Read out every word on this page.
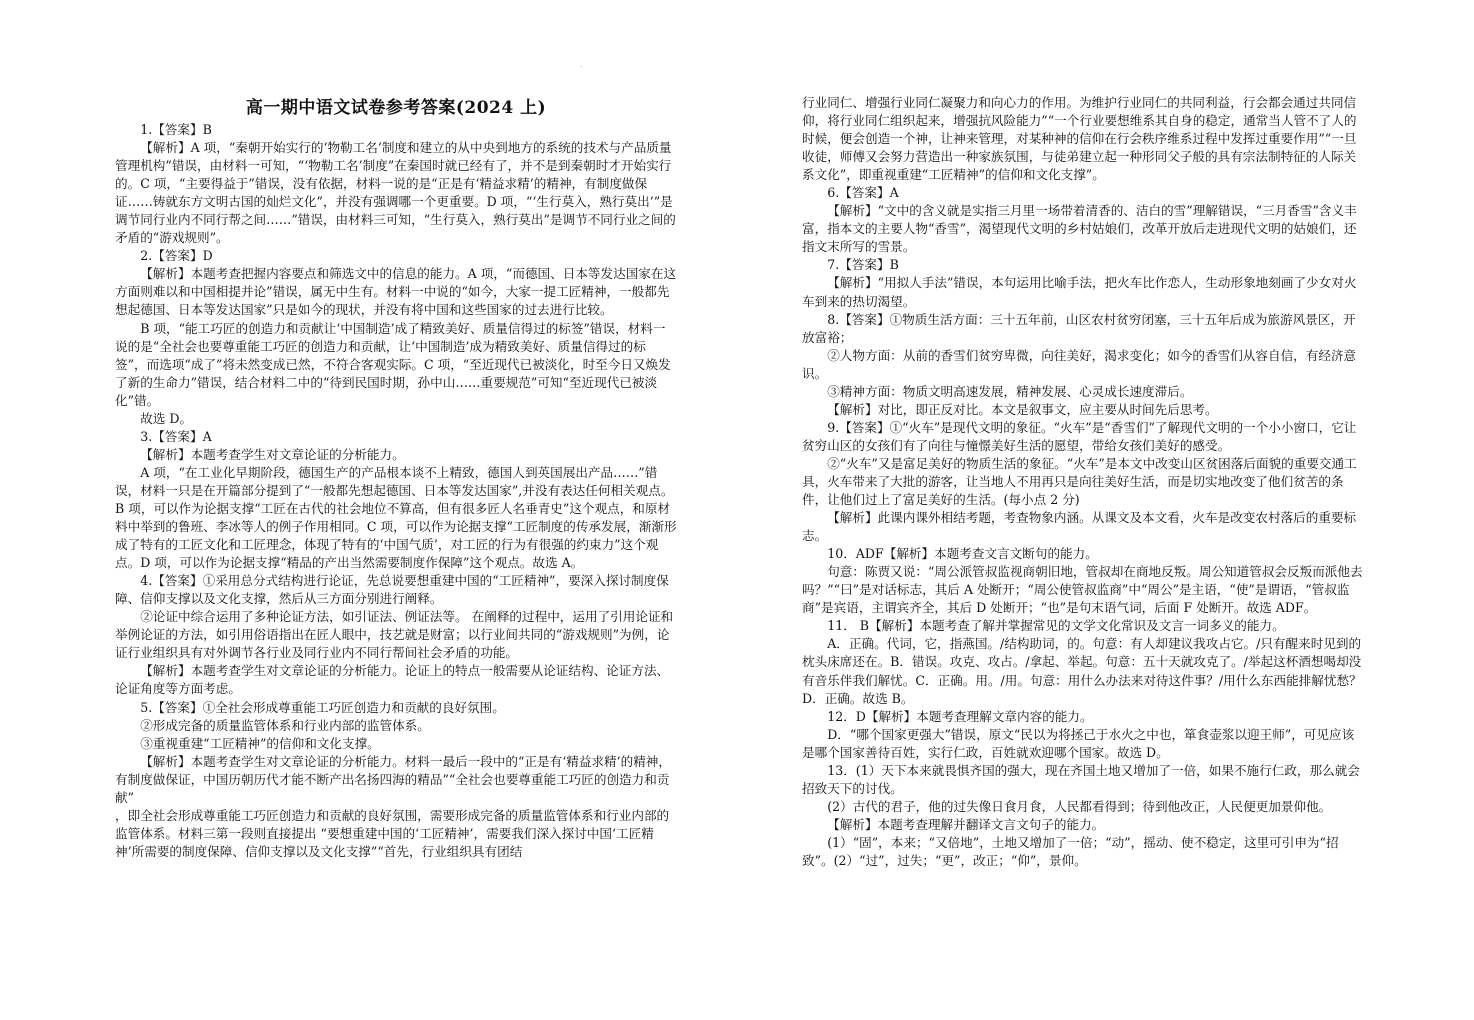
·
高一期中语文试卷参考答案(2024 上)

1.【答案】B

【解析】A 项，“秦朝开始实行的‘物勒工名’制度和建立的从中央到地方的系统的技术与产品质量管理机构”错误，由材料一可知，“‘物勒工名’制度”在秦国时就已经有了，并不是到秦朝时才开始实行的。C 项，“主要得益于”错误，没有依据，材料一说的是“正是有‘精益求精’的精神，有制度做保证……铸就东方文明古国的灿烂文化”，并没有强调哪一个更重要。D 项，“‘生行莫入，熟行莫出’”是调节同行业内不同行帮之间……”错误，由材料三可知，“生行莫入，熟行莫出”是调节不同行业之间的矛盾的“游戏规则”。

2.【答案】D

【解析】本题考查把握内容要点和筛选文中的信息的能力。A 项，“而德国、日本等发达国家在这方面则难以和中国相提并论”错误，属无中生有。材料一中说的“如今，大家一提工匠精神，一般都先想起德国、日本等发达国家”只是如今的现状，并没有将中国和这些国家的过去进行比较。

B 项，“能工巧匠的创造力和贡献让‘中国制造’成了精致美好、质量信得过的标签”错误，材料一说的是“全社会也要尊重能工巧匠的创造力和贡献，让‘中国制造’成为精致美好、质量信得过的标签”，而选项“成了”将未然变成已然，不符合客观实际。C 项，“至近现代已被淡化，时至今日又焕发了新的生命力”错误，结合材料二中的“待到民国时期，孙中山……重要规范”可知“至近现代已被淡化”错。

故选 D。

3.【答案】A

【解析】本题考查学生对文章论证的分析能力。

A 项，“在工业化早期阶段，德国生产的产品根本谈不上精致，德国人到英国展出产品……”错误，材料一只是在开篇部分提到了“一般都先想起德国、日本等发达国家”,并没有表达任何相关观点。B 项，可以作为论据支撑“工匠在古代的社会地位不算高，但有很多匠人名垂青史”这个观点，和原材料中举到的鲁班、李冰等人的例子作用相同。C 项，可以作为论据支撑“工匠制度的传承发展，渐渐形成了特有的工匠文化和工匠理念，体现了特有的‘中国气质’，对工匠的行为有很强的约束力”这个观点。D 项，可以作为论据支撑“精品的产出当然需要制度作保障”这个观点。故选 A。

4.【答案】①采用总分式结构进行论证，先总说要想重建中国的“工匠精神”，要深入探讨制度保障、信仰支撑以及文化支撑，然后从三方面分别进行阐释。

②论证中综合运用了多种论证方法，如引证法、例证法等。 在阐释的过程中，运用了引用论证和举例论证的方法，如引用俗语指出在匠人眼中，技艺就是财富；以行业间共同的“游戏规则”为例，论证行业组织具有对外调节各行业及同行业内不同行帮间社会矛盾的功能。

【解析】本题考查学生对文章论证的分析能力。论证上的特点一般需要从论证结构、论证方法、论证角度等方面考虑。

5.【答案】①全社会形成尊重能工巧匠创造力和贡献的良好氛围。

②形成完备的质量监管体系和行业内部的监管体系。

③重视重建“工匠精神”的信仰和文化支撑。

【解析】本题考查学生对文章论证的分析能力。材料一最后一段中的“正是有‘精益求精’的精神，有制度做保证，中国历朝历代才能不断产出名扬四海的精品”“全社会也要尊重能工巧匠的创造力和贡

献”

，即全社会形成尊重能工巧匠创造力和贡献的良好氛围，需要形成完备的质量监管体系和行业内部的监管体系。材料三第一段则直接提出 “要想重建中国的‘工匠精神’，需要我们深入探讨中国‘工匠精神’所需要的制度保障、信仰支撑以及文化支撑”“首先，行业组织具有团结

行业同仁、增强行业同仁凝聚力和向心力的作用。为维护行业同仁的共同利益，行会都会通过共同信仰，将行业同仁组织起来，增强抗风险能力”“一个行业要想维系其自身的稳定，通常当人管不了人的时候，便会创造一个神，让神来管理，对某种神的信仰在行会秩序维系过程中发挥过重要作用”“一旦收徒，师傅又会努力营造出一种家族氛围，与徒弟建立起一种形同父子般的具有宗法制特征的人际关系文化”，即重视重建“工匠精神”的信仰和文化支撑”。

6.【答案】A

【解析】“文中的含义就是实指三月里一场带着清香的、洁白的雪”理解错误，“三月香雪”含义丰富，指本文的主要人物“香雪”，渴望现代文明的乡村姑娘们，改革开放后走进现代文明的姑娘们，还指文末所写的雪景。

7.【答案】B

【解析】“用拟人手法”错误，本句运用比喻手法，把火车比作恋人，生动形象地刻画了少女对火车到来的热切渴望。

8.【答案】①物质生活方面：三十五年前，山区农村贫穷闭塞，三十五年后成为旅游风景区，开放富裕；

②人物方面：从前的香雪们贫穷卑微，向往美好，渴求变化；如今的香雪们从容自信，有经济意识。

③精神方面：物质文明高速发展，精神发展、心灵成长速度滞后。

【解析】对比，即正反对比。本文是叙事文，应主要从时间先后思考。

9.【答案】①“火车”是现代文明的象征。“火车”是“香雪们”了解现代文明的一个小小窗口，它让贫穷山区的女孩们有了向往与憧憬美好生活的愿望，带给女孩们美好的感受。

②“火车”又是富足美好的物质生活的象征。“火车”是本文中改变山区贫困落后面貌的重要交通工具，火车带来了大批的游客，让当地人不用再只是向往美好生活，而是切实地改变了他们贫苦的条件，让他们过上了富足美好的生活。(每小点 2 分)

【解析】此课内课外相结考题，考查物象内涵。从课文及本文看，火车是改变农村落后的重要标志。

10．ADF【解析】本题考查文言文断句的能力。

句意：陈贾又说：“周公派管叔监视商朝旧地，管叔却在商地反叛。周公知道管叔会反叛而派他去吗？”“曰”是对话标志，其后 A 处断开；“周公使管叔监商”中“周公”是主语，“使”是谓语，“管叔监商”是宾语，主谓宾齐全，其后 D 处断开；“也”是句末语气词，后面 F 处断开。故选 ADF。

11． B【解析】本题考查了解并掌握常见的文学文化常识及文言一词多义的能力。

A．正确。代词，它，指燕国。/结构助词，的。句意：有人却建议我攻占它。/只有醒来时见到的枕头床席还在。B．错误。攻克、攻占。/拿起、举起。句意：五十天就攻克了。/举起这杯酒想喝却没有音乐伴我们解忧。C．正确。用。/用。句意：用什么办法来对待这件事？/用什么东西能排解忧愁？D．正确。故选 B。

12．D【解析】本题考查理解文章内容的能力。

D．“哪个国家更强大”错误，原文“民以为将拯己于水火之中也，箪食壶浆以迎王师”，可见应该是哪个国家善待百姓，实行仁政，百姓就欢迎哪个国家。故选 D。

13．(1）天下本来就畏惧齐国的强大，现在齐国土地又增加了一倍，如果不施行仁政，那么就会招致天下的讨伐。

(2）古代的君子，他的过失像日食月食，人民都看得到；待到他改正，人民便更加景仰他。

【解析】本题考查理解并翻译文言文句子的能力。

(1）“固”，本来；“又倍地”，土地又增加了一倍；“动”，摇动、使不稳定，这里可引申为“招致”。(2）“过”，过失；“更”，改正；“仰”，景仰。
